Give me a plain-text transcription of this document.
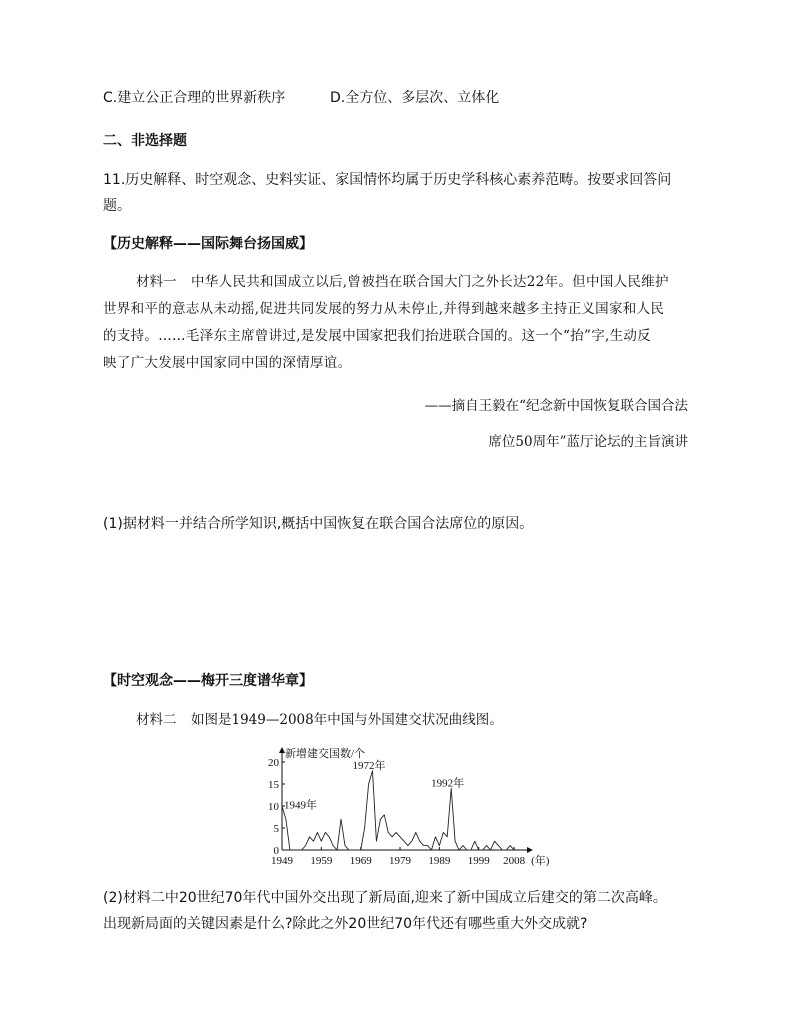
C.建立公正合理的世界新秩序	D.全方位、多层次、立体化
二、非选择题
11.历史解释、时空观念、史料实证、家国情怀均属于历史学科核心素养范畴。按要求回答问
题。
【历史解释——国际舞台扬国威】
材料一 中华人民共和国成立以后,曾被挡在联合国大门之外长达22年。但中国人民维护
世界和平的意志从未动摇,促进共同发展的努力从未停止,并得到越来越多主持正义国家和人民
的支持。……毛泽东主席曾讲过,是发展中国家把我们抬进联合国的。这一个“抬”字,生动反
映了广大发展中国家同中国的深情厚谊。
——摘自王毅在“纪念新中国恢复联合国合法
席位50周年”蓝厅论坛的主旨演讲
(1)据材料一并结合所学知识,概括中国恢复在联合国合法席位的原因。
【时空观念——梅开三度谱华章】
材料二 如图是1949—2008年中国与外国建交状况曲线图。
新增建交国数/个
0
5
10
15
20
1949 1959 1969 1979 1989 1999 2008 (年)
1949年
1972年
1992年
(2)材料二中20世纪70年代中国外交出现了新局面,迎来了新中国成立后建交的第二次高峰。
出现新局面的关键因素是什么?除此之外20世纪70年代还有哪些重大外交成就?
